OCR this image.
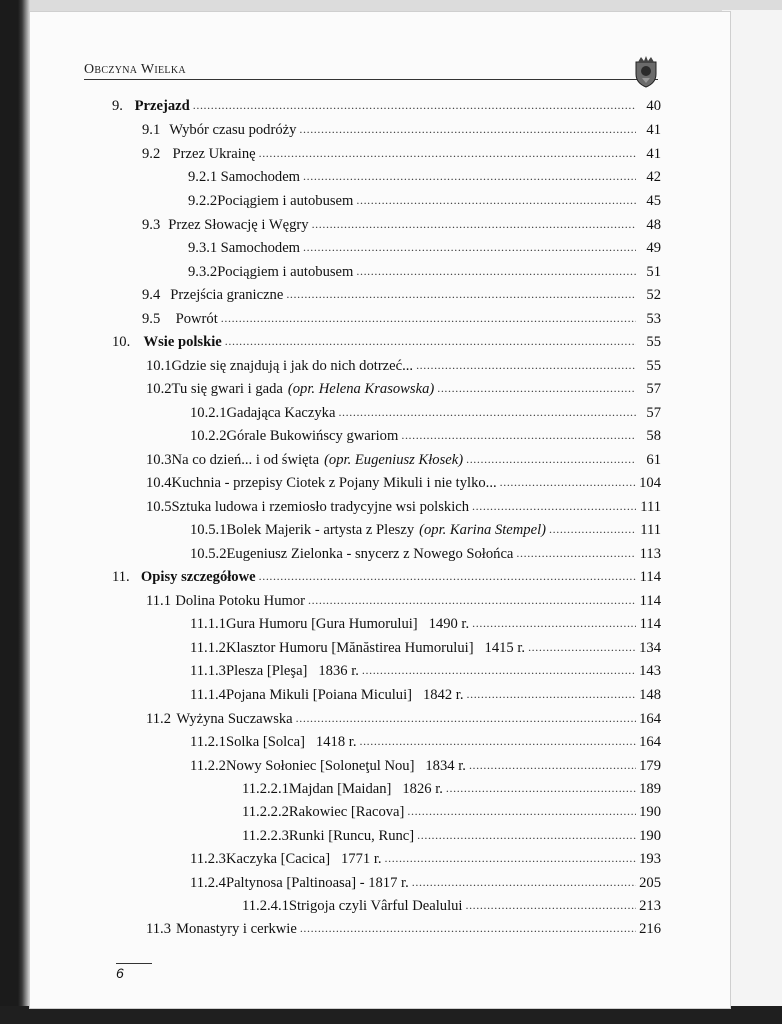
Obczyna Wielka
9. Przejazd . . .	40
9.1 Wybór czasu podróży . . .	41
9.2 Przez Ukrainę . . .	41
9.2.1 Samochodem . . .	42
9.2.2 Pociągiem i autobusem . . .	45
9.3 Przez Słowację i Węgry . . .	48
9.3.1 Samochodem . . .	49
9.3.2 Pociągiem i autobusem . . .	51
9.4 Przejścia graniczne . . .	52
9.5	Powrót . . .	53
10. Wsie polskie . . .	55
10.1 Gdzie się znajdują i jak do nich dotrzeć... . . .	55
10.2 Tu się gwari i gada (opr. Helena Krasowska) . . .	57
10.2.1 Gadająca Kaczyka . . .	57
10.2.2 Górale Bukowińscy gwariom . . .	58
10.3 Na co dzień... i od święta (opr. Eugeniusz Kłosek) . . .	61
10.4 Kuchnia - przepisy Ciotek z Pojany Mikuli i nie tylko... . . .	104
10.5 Sztuka ludowa i rzemiosło tradycyjne wsi polskich . . .	111
10.5.1 Bolek Majerik - artysta z Pleszy (opr. Karina Stempel) . . .	111
10.5.2 Eugeniusz Zielonka - snycerz z Nowego Sołońca . . .	113
11. Opisy szczegółowe . . .	114
11.1 Dolina Potoku Humor . . .	114
11.1.1 Gura Humoru [Gura Humorului]   1490 r. . . .	114
11.1.2 Klasztor Humoru [Mănăstirea Humorului]   1415 r. . . .	134
11.1.3 Plesza [Pleşa]   1836 r. . . .	143
11.1.4 Pojana Mikuli [Poiana Micului]   1842 r. . . .	148
11.2 Wyżyna Suczawska . . .	164
11.2.1 Solka [Solca]   1418 r. . . .	164
11.2.2 Nowy Sołoniec [Soloneţul Nou]   1834 r. . . .	179
11.2.2.1 Majdan [Maidan]   1826 r. . . .	189
11.2.2.2 Rakowiec [Racova] . . .	190
11.2.2.3 Runki [Runcu, Runc] . . .	190
11.2.3 Kaczyka [Cacica]   1771 r. . . .	193
11.2.4 Paltynosa [Paltinoasa] - 1817 r. . . .	205
11.2.4.1 Strigoja czyli Vârful Dealului . . .	213
11.3 Monastyry i cerkwie . . .	216
6
